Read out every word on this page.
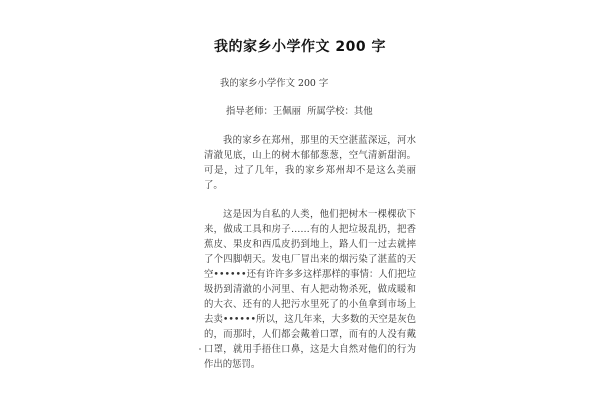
我的家乡小学作文 200 字
我的家乡小学作文 200 字
指导老师：王佩丽 所属学校：其他

我的家乡在郑州，那里的天空湛蓝深远，河水清澈见底，山上的树木郁郁葱葱，空气清新甜润。可是，过了几年，我的家乡郑州却不是这么美丽了。

这是因为自私的人类，他们把树木一棵棵砍下来，做成工具和房子……有的人把垃圾乱扔，把香蕉皮、果皮和西瓜皮扔到地上，路人们一过去就摔了个四脚朝天。发电厂冒出来的烟污染了湛蓝的天空••••••还有许许多多这样那样的事情：人们把垃圾扔到清澈的小河里、有人把动物杀死，做成暖和的大衣、还有的人把污水里死了的小鱼拿到市场上去卖••••••所以，这几年来，大多数的天空是灰色的，而那时，人们都会戴着口罩，而有的人没有戴口罩，就用手捂住口鼻，这是大自然对他们的行为作出的惩罚。
